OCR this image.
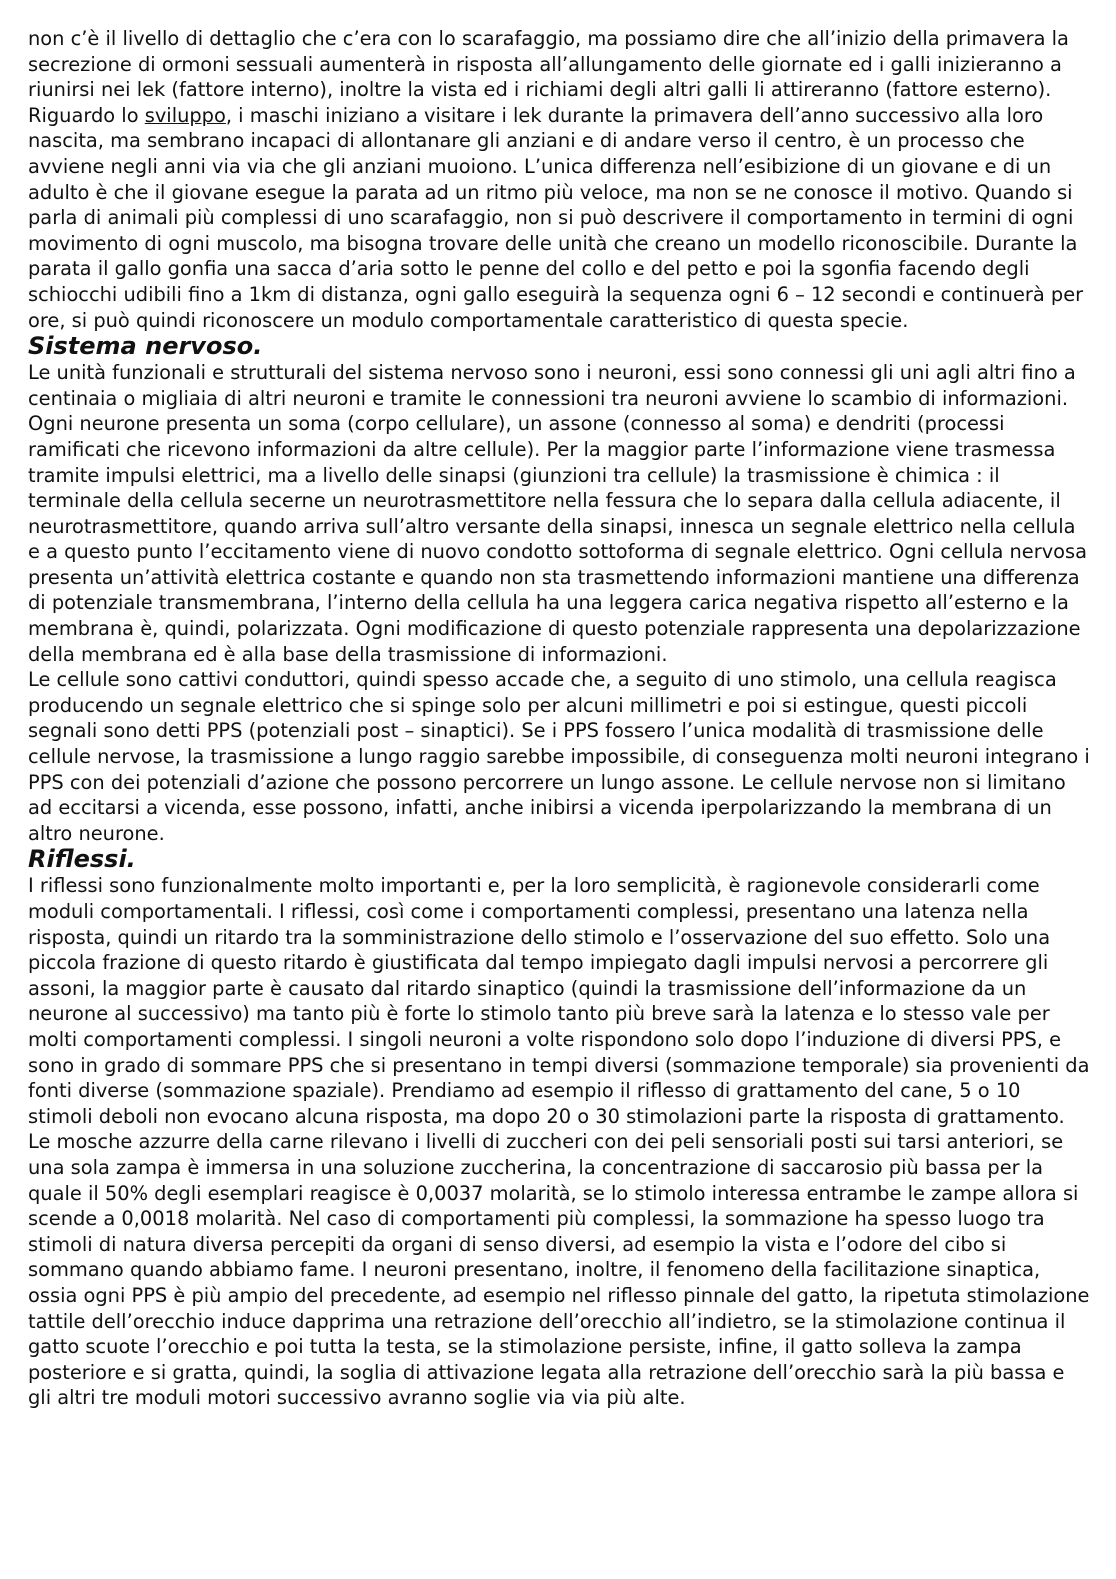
non c’è il livello di dettaglio che c’era con lo scarafaggio, ma possiamo dire che all’inizio della primavera la secrezione di ormoni sessuali aumenterà in risposta all’allungamento delle giornate ed i galli inizieranno a riunirsi nei lek (fattore interno), inoltre la vista ed i richiami degli altri galli li attireranno (fattore esterno). Riguardo lo sviluppo, i maschi iniziano a visitare i lek durante la primavera dell’anno successivo alla loro nascita, ma sembrano incapaci di allontanare gli anziani e di andare verso il centro, è un processo che avviene negli anni via via che gli anziani muoiono. L’unica differenza nell’esibizione di un giovane e di un adulto è che il giovane esegue la parata ad un ritmo più veloce, ma non se ne conosce il motivo. Quando si parla di animali più complessi di uno scarafaggio, non si può descrivere il comportamento in termini di ogni movimento di ogni muscolo, ma bisogna trovare delle unità che creano un modello riconoscibile. Durante la parata il gallo gonfia una sacca d’aria sotto le penne del collo e del petto e poi la sgonfia facendo degli schiocchi udibili fino a 1km di distanza, ogni gallo eseguirà la sequenza ogni 6 – 12 secondi e continuerà per ore, si può quindi riconoscere un modulo comportamentale caratteristico di questa specie.

Sistema nervoso.

Le unità funzionali e strutturali del sistema nervoso sono i neuroni, essi sono connessi gli uni agli altri fino a centinaia o migliaia di altri neuroni e tramite le connessioni tra neuroni avviene lo scambio di informazioni. Ogni neurone presenta un soma (corpo cellulare), un assone (connesso al soma) e dendriti (processi ramificati che ricevono informazioni da altre cellule). Per la maggior parte l’informazione viene trasmessa tramite impulsi elettrici, ma a livello delle sinapsi (giunzioni tra cellule) la trasmissione è chimica : il terminale della cellula secerne un neurotrasmettitore nella fessura che lo separa dalla cellula adiacente, il neurotrasmettitore, quando arriva sull’altro versante della sinapsi, innesca un segnale elettrico nella cellula e a questo punto l’eccitamento viene di nuovo condotto sottoforma di segnale elettrico. Ogni cellula nervosa presenta un’attività elettrica costante e quando non sta trasmettendo informazioni mantiene una differenza di potenziale transmembrana, l’interno della cellula ha una leggera carica negativa rispetto all’esterno e la membrana è, quindi, polarizzata. Ogni modificazione di questo potenziale rappresenta una depolarizzazione della membrana ed è alla base della trasmissione di informazioni.

Le cellule sono cattivi conduttori, quindi spesso accade che, a seguito di uno stimolo, una cellula reagisca producendo un segnale elettrico che si spinge solo per alcuni millimetri e poi si estingue, questi piccoli segnali sono detti PPS (potenziali post – sinaptici). Se i PPS fossero l’unica modalità di trasmissione delle cellule nervose, la trasmissione a lungo raggio sarebbe impossibile, di conseguenza molti neuroni integrano i PPS con dei potenziali d’azione che possono percorrere un lungo assone. Le cellule nervose non si limitano ad eccitarsi a vicenda, esse possono, infatti, anche inibirsi a vicenda iperpolarizzando la membrana di un altro neurone.

Riflessi.

I riflessi sono funzionalmente molto importanti e, per la loro semplicità, è ragionevole considerarli come moduli comportamentali. I riflessi, così come i comportamenti complessi, presentano una latenza nella risposta, quindi un ritardo tra la somministrazione dello stimolo e l’osservazione del suo effetto. Solo una piccola frazione di questo ritardo è giustificata dal tempo impiegato dagli impulsi nervosi a percorrere gli assoni, la maggior parte è causato dal ritardo sinaptico (quindi la trasmissione dell’informazione da un neurone al successivo) ma tanto più è forte lo stimolo tanto più breve sarà la latenza e lo stesso vale per molti comportamenti complessi. I singoli neuroni a volte rispondono solo dopo l’induzione di diversi PPS, e sono in grado di sommare PPS che si presentano in tempi diversi (sommazione temporale) sia provenienti da fonti diverse (sommazione spaziale). Prendiamo ad esempio il riflesso di grattamento del cane, 5 o 10 stimoli deboli non evocano alcuna risposta, ma dopo 20 o 30 stimolazioni parte la risposta di grattamento. Le mosche azzurre della carne rilevano i livelli di zuccheri con dei peli sensoriali posti sui tarsi anteriori, se una sola zampa è immersa in una soluzione zuccherina, la concentrazione di saccarosio più bassa per la quale il 50% degli esemplari reagisce è 0,0037 molarità, se lo stimolo interessa entrambe le zampe allora si scende a 0,0018 molarità. Nel caso di comportamenti più complessi, la sommazione ha spesso luogo tra stimoli di natura diversa percepiti da organi di senso diversi, ad esempio la vista e l’odore del cibo si sommano quando abbiamo fame. I neuroni presentano, inoltre, il fenomeno della facilitazione sinaptica, ossia ogni PPS è più ampio del precedente, ad esempio nel riflesso pinnale del gatto, la ripetuta stimolazione tattile dell’orecchio induce dapprima una retrazione dell’orecchio all’indietro, se la stimolazione continua il gatto scuote l’orecchio e poi tutta la testa, se la stimolazione persiste, infine, il gatto solleva la zampa posteriore e si gratta, quindi, la soglia di attivazione legata alla retrazione dell’orecchio sarà la più bassa e gli altri tre moduli motori successivo avranno soglie via via più alte.
